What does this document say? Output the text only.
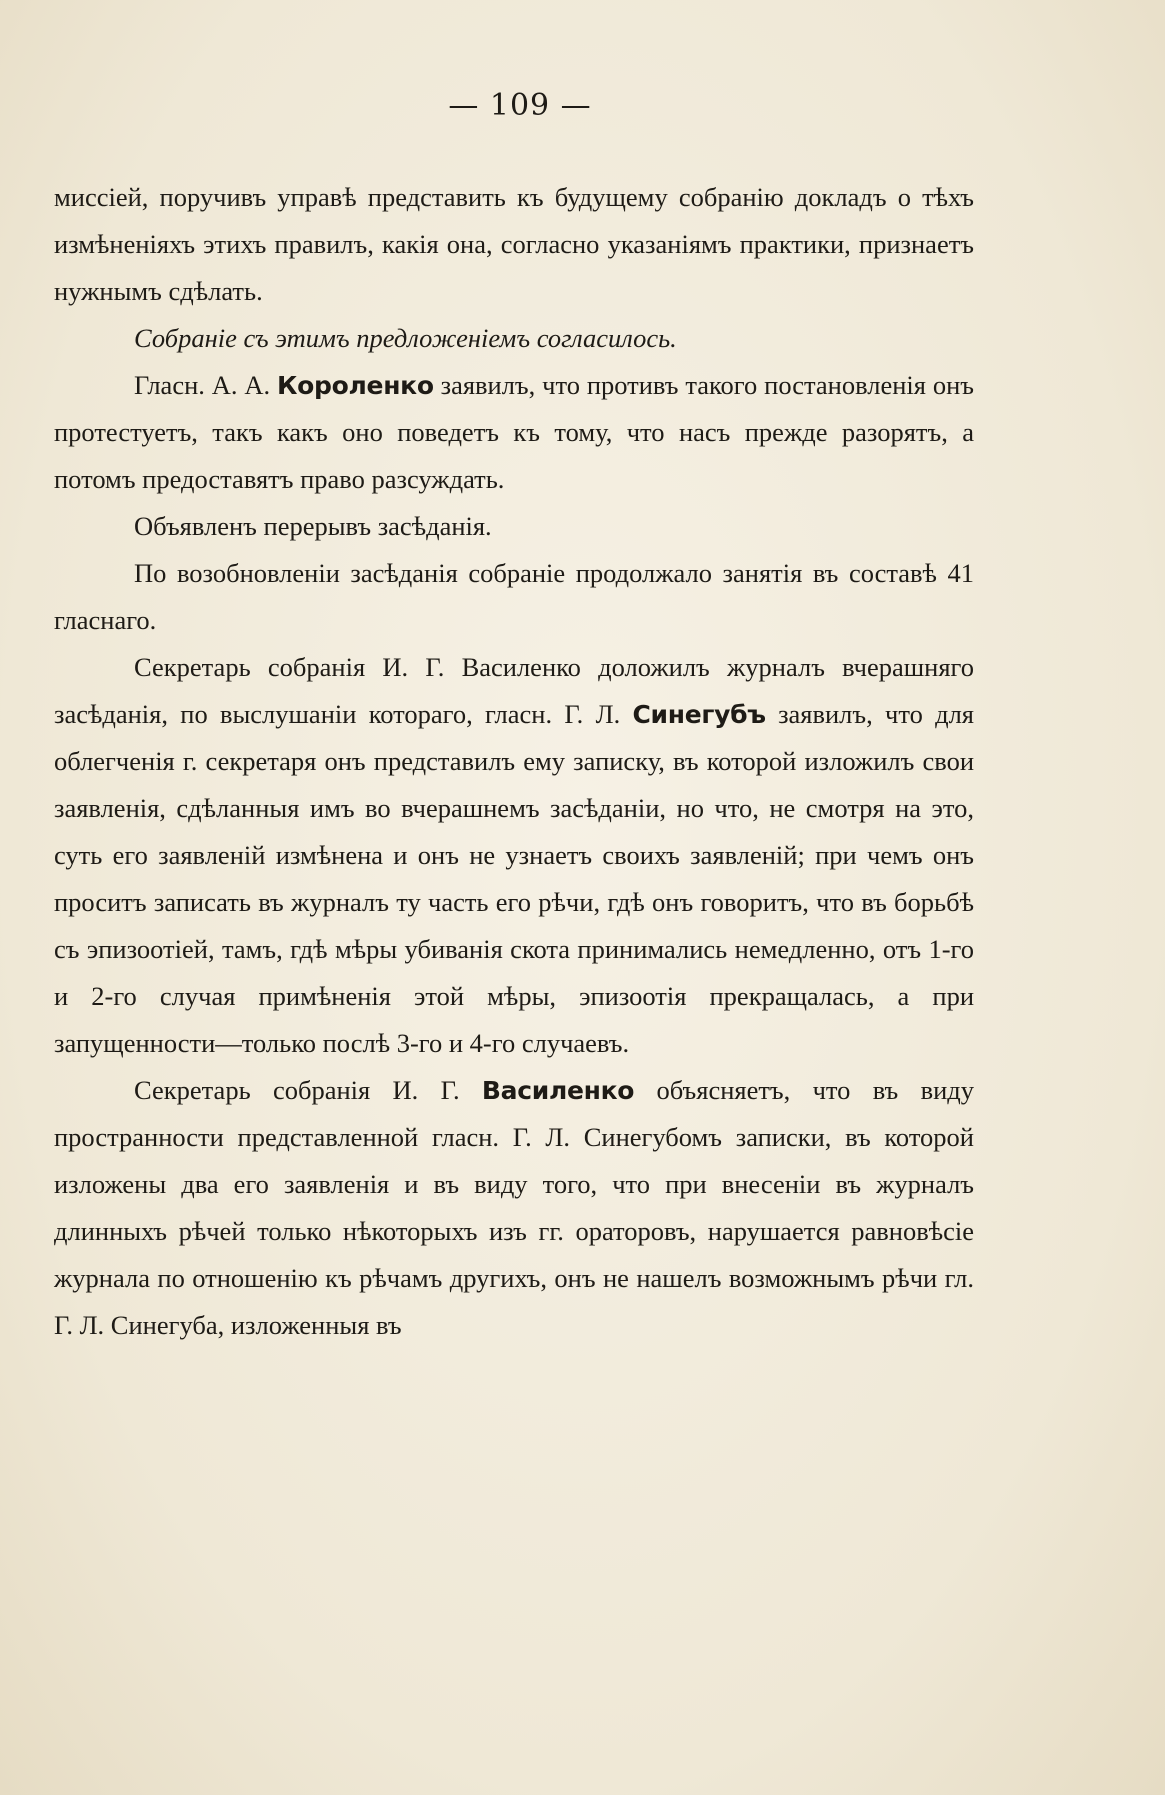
— 109 —

миссіей, поручивъ управѣ представить къ будущему собранію докладъ о тѣхъ измѣненіяхъ этихъ правилъ, какія она, согласно указаніямъ практики, признаетъ нужнымъ сдѣлать.

Собраніе съ этимъ предложеніемъ согласилось.

Гласн. А. А. Короленко заявилъ, что противъ такого постановленія онъ протестуетъ, такъ какъ оно поведетъ къ тому, что насъ прежде разорятъ, а потомъ предоставятъ право разсуждать.

Объявленъ перерывъ засѣданія.

По возобновленіи засѣданія собраніе продолжало занятія въ составѣ 41 гласнаго.

Секретарь собранія И. Г. Василенко доложилъ журналъ вчерашняго засѣданія, по выслушаніи котораго, гласн. Г. Л. Синегубъ заявилъ, что для облегченія г. секретаря онъ представилъ ему записку, въ которой изложилъ свои заявленія, сдѣланныя имъ во вчерашнемъ засѣданіи, но что, не смотря на это, суть его заявленій измѣнена и онъ не узнаетъ своихъ заявленій; при чемъ онъ проситъ записать въ журналъ ту часть его рѣчи, гдѣ онъ говоритъ, что въ борьбѣ съ эпизоотіей, тамъ, гдѣ мѣры убиванія скота принимались немедленно, отъ 1-го и 2-го случая примѣненія этой мѣры, эпизоотія прекращалась, а при запущенности—только послѣ 3-го и 4-го случаевъ.

Секретарь собранія И. Г. Василенко объясняетъ, что въ виду пространности представленной гласн. Г. Л. Синегубомъ записки, въ которой изложены два его заявленія и въ виду того, что при внесеніи въ журналъ длинныхъ рѣчей только нѣкоторыхъ изъ гг. ораторовъ, нарушается равновѣсіе журнала по отношенію къ рѣчамъ другихъ, онъ не нашелъ возможнымъ рѣчи гл. Г. Л. Синегуба, изложенныя въ
